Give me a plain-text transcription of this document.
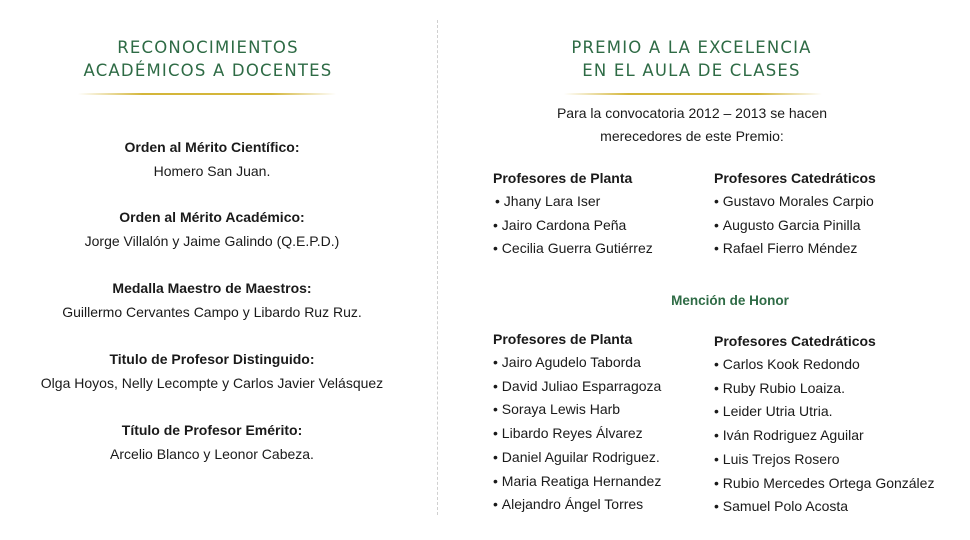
RECONOCIMIENTOS
ACADÉMICOS A DOCENTES
Orden al Mérito Científico:
Homero San Juan.
Orden al Mérito Académico:
Jorge Villalón y Jaime Galindo (Q.E.P.D.)
Medalla Maestro de Maestros:
Guillermo Cervantes Campo y Libardo Ruz Ruz.
Titulo de Profesor Distinguido:
Olga Hoyos, Nelly Lecompte y Carlos Javier Velásquez
Título de Profesor Emérito:
Arcelio Blanco y Leonor Cabeza.
PREMIO A LA EXCELENCIA
EN EL AULA DE CLASES
Para la convocatoria 2012 – 2013 se hacen
merecedores de este Premio:
Profesores de Planta
• Jhany Lara Iser
• Jairo Cardona Peña
• Cecilia Guerra Gutiérrez
Profesores Catedráticos
• Gustavo Morales Carpio
• Augusto Garcia Pinilla
• Rafael Fierro Méndez
Mención de Honor
Profesores de Planta
• Jairo Agudelo Taborda
• David Juliao Esparragoza
• Soraya Lewis Harb
• Libardo Reyes Álvarez
• Daniel Aguilar Rodriguez.
• Maria Reatiga Hernandez
• Alejandro Ángel Torres
Profesores Catedráticos
• Carlos Kook Redondo
• Ruby Rubio Loaiza.
• Leider Utria Utria.
• Iván Rodriguez Aguilar
• Luis Trejos Rosero
• Rubio Mercedes Ortega González
• Samuel Polo Acosta
